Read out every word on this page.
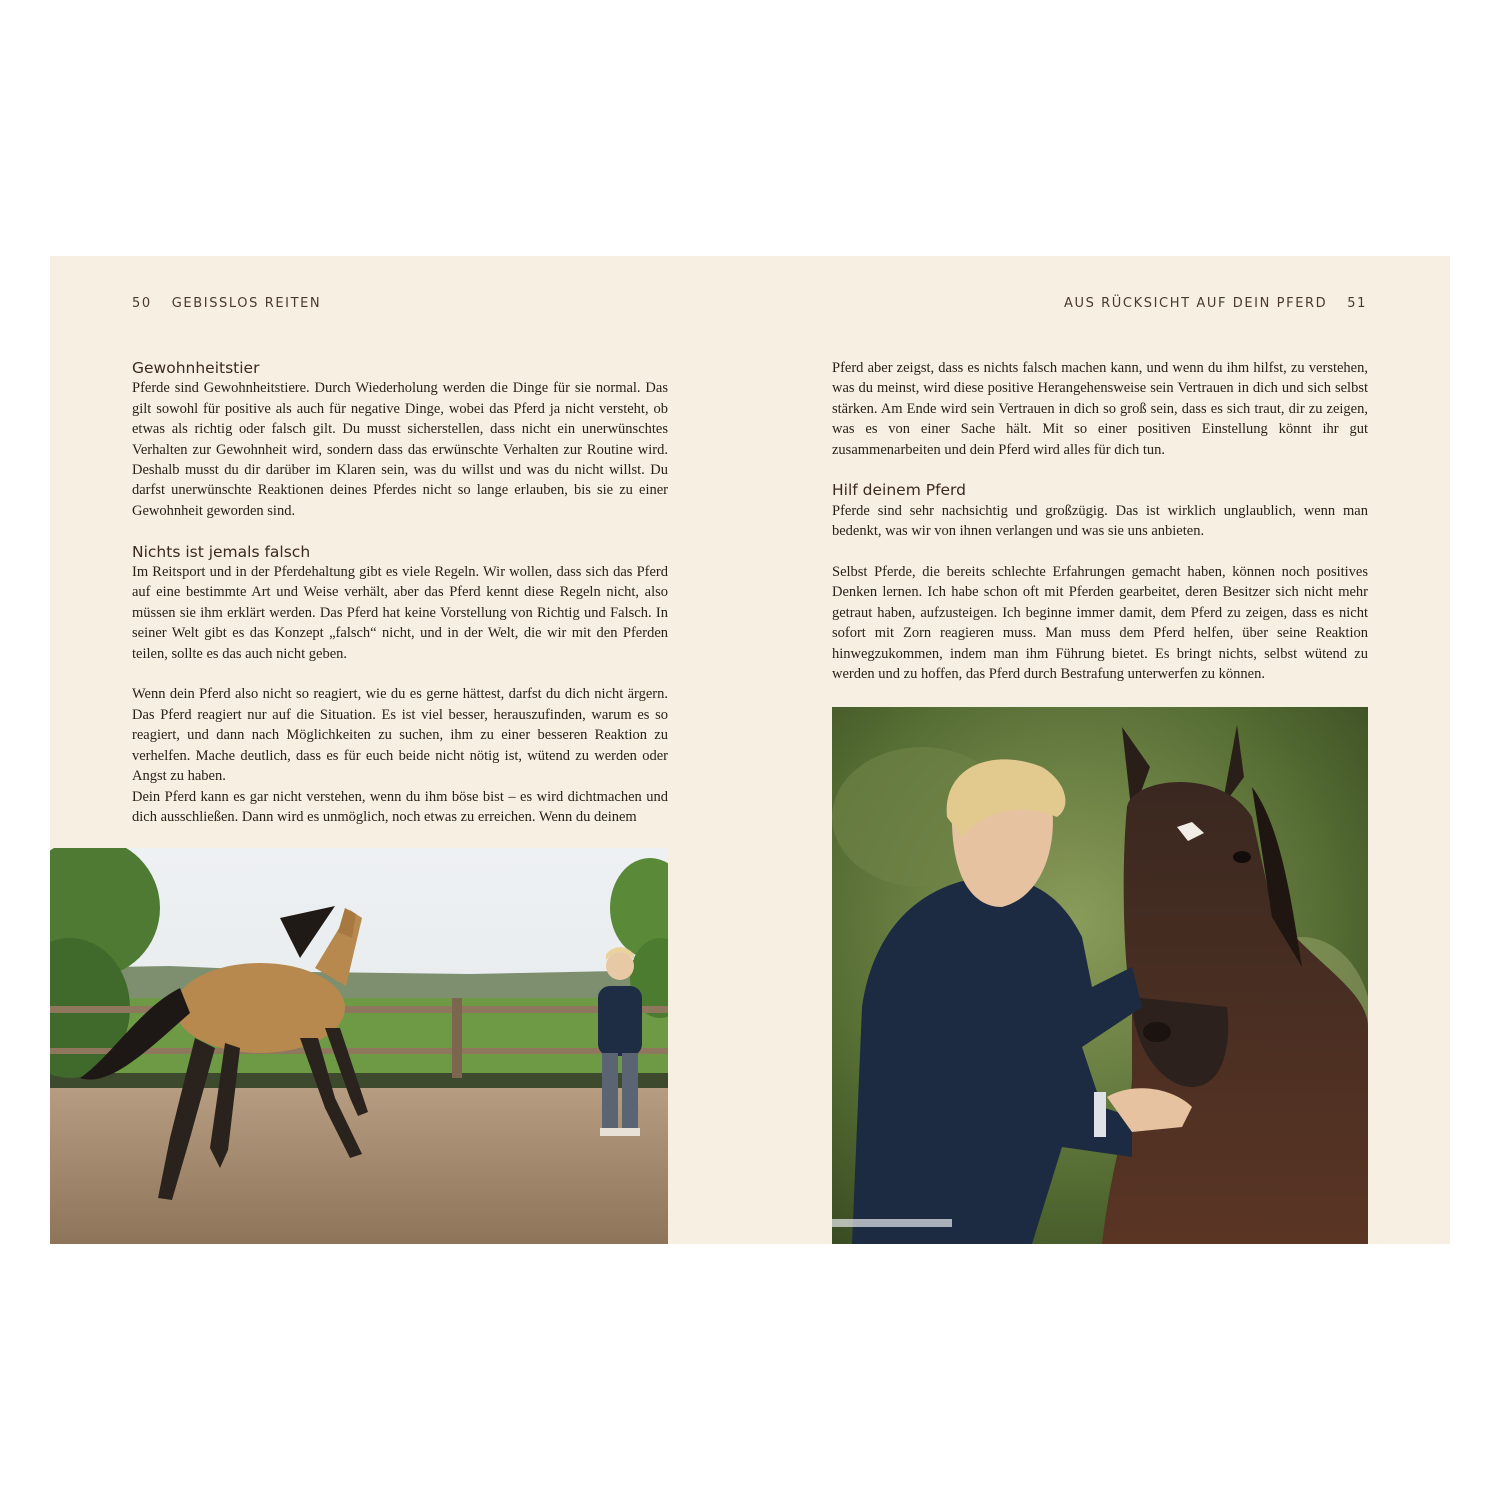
50 GEBISSLOS REITEN	AUS RÜCKSICHT AUF DEIN PFERD 51
Gewohnheitstier

Pferde sind Gewohnheitstiere. Durch Wiederholung werden die Dinge für sie normal. Das gilt sowohl für positive als auch für negative Dinge, wobei das Pferd ja nicht versteht, ob etwas als richtig oder falsch gilt. Du musst sicherstellen, dass nicht ein unerwünschtes Verhalten zur Gewohnheit wird, sondern dass das erwünschte Verhalten zur Routine wird. Deshalb musst du dir darüber im Klaren sein, was du willst und was du nicht willst. Du darfst unerwünschte Reaktionen deines Pferdes nicht so lange erlauben, bis sie zu einer Gewohnheit geworden sind.

Nichts ist jemals falsch

Im Reitsport und in der Pferdehaltung gibt es viele Regeln. Wir wollen, dass sich das Pferd auf eine bestimmte Art und Weise verhält, aber das Pferd kennt diese Regeln nicht, also müssen sie ihm erklärt werden. Das Pferd hat keine Vorstellung von Richtig und Falsch. In seiner Welt gibt es das Konzept „falsch“ nicht, und in der Welt, die wir mit den Pferden teilen, sollte es das auch nicht geben.

Wenn dein Pferd also nicht so reagiert, wie du es gerne hättest, darfst du dich nicht ärgern. Das Pferd reagiert nur auf die Situation. Es ist viel besser, herauszufinden, warum es so reagiert, und dann nach Möglichkeiten zu suchen, ihm zu einer besseren Reaktion zu verhelfen. Mache deutlich, dass es für euch beide nicht nötig ist, wütend zu werden oder Angst zu haben.

Dein Pferd kann es gar nicht verstehen, wenn du ihm böse bist – es wird dichtmachen und dich ausschließen. Dann wird es unmöglich, noch etwas zu erreichen. Wenn du deinem

Pferd aber zeigst, dass es nichts falsch machen kann, und wenn du ihm hilfst, zu verstehen, was du meinst, wird diese positive Herangehensweise sein Vertrauen in dich und sich selbst stärken. Am Ende wird sein Vertrauen in dich so groß sein, dass es sich traut, dir zu zeigen, was es von einer Sache hält. Mit so einer positiven Einstellung könnt ihr gut zusammenarbeiten und dein Pferd wird alles für dich tun.

Hilf deinem Pferd

Pferde sind sehr nachsichtig und großzügig. Das ist wirklich unglaublich, wenn man bedenkt, was wir von ihnen verlangen und was sie uns anbieten.

Selbst Pferde, die bereits schlechte Erfahrungen gemacht haben, können noch positives Denken lernen. Ich habe schon oft mit Pferden gearbeitet, deren Besitzer sich nicht mehr getraut haben, aufzusteigen. Ich beginne immer damit, dem Pferd zu zeigen, dass es nicht sofort mit Zorn reagieren muss. Man muss dem Pferd helfen, über seine Reaktion hinwegzukommen, indem man ihm Führung bietet. Es bringt nichts, selbst wütend zu werden und zu hoffen, das Pferd durch Bestrafung unterwerfen zu können.
